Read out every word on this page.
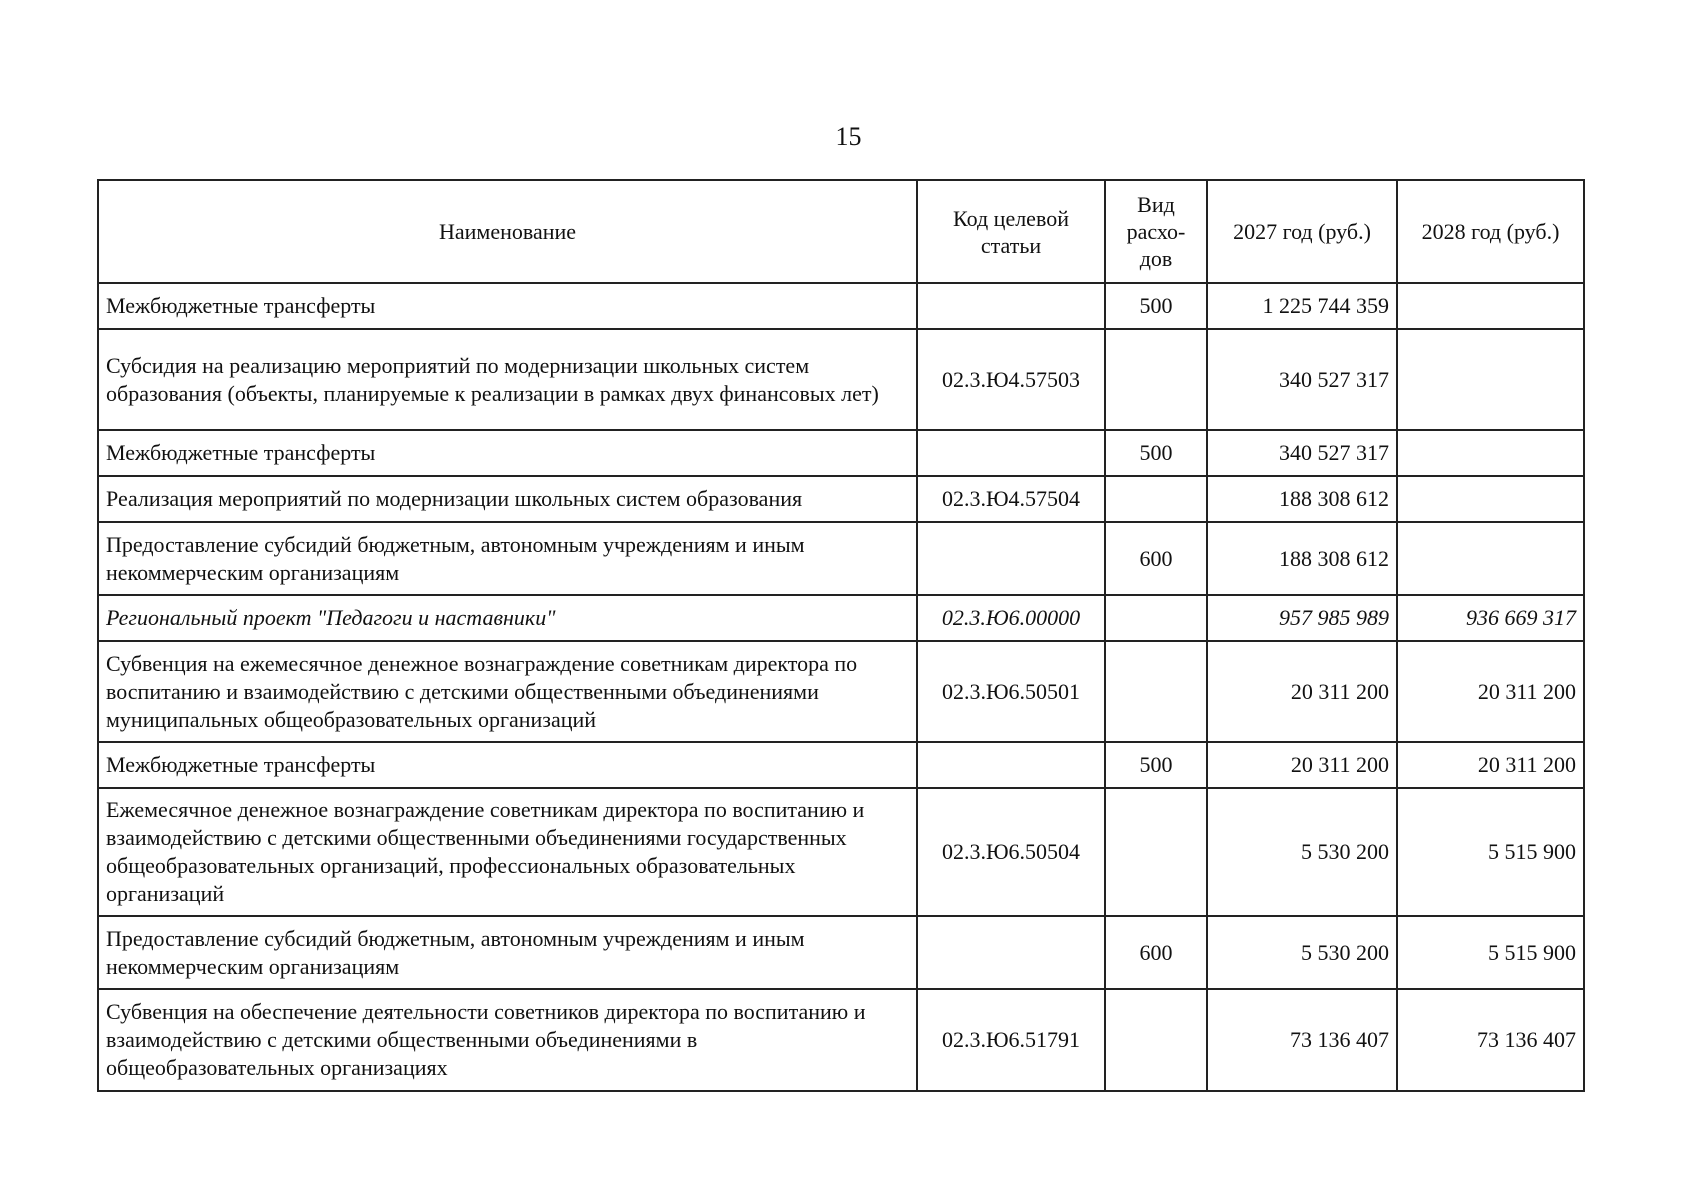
15
Наименование	Код целевой статьи	Вид расхо-дов	2027 год (руб.)	2028 год (руб.)
Межбюджетные трансферты		500	1 225 744 359	
Субсидия на реализацию мероприятий по модернизации школьных систем образования (объекты, планируемые к реализации в рамках двух финансовых лет)	02.3.Ю4.57503		340 527 317	
Межбюджетные трансферты		500	340 527 317	
Реализация мероприятий по модернизации школьных систем образования	02.3.Ю4.57504		188 308 612	
Предоставление субсидий бюджетным, автономным учреждениям и иным некоммерческим организациям		600	188 308 612	
Региональный проект "Педагоги и наставники"	02.3.Ю6.00000		957 985 989	936 669 317
Субвенция на ежемесячное денежное вознаграждение советникам директора по воспитанию и взаимодействию с детскими общественными объединениями муниципальных общеобразовательных организаций	02.3.Ю6.50501		20 311 200	20 311 200
Межбюджетные трансферты		500	20 311 200	20 311 200
Ежемесячное денежное вознаграждение советникам директора по воспитанию и взаимодействию с детскими общественными объединениями государственных общеобразовательных организаций, профессиональных образовательных организаций	02.3.Ю6.50504		5 530 200	5 515 900
Предоставление субсидий бюджетным, автономным учреждениям и иным некоммерческим организациям		600	5 530 200	5 515 900
Субвенция на обеспечение деятельности советников директора по воспитанию и взаимодействию с детскими общественными объединениями в общеобразовательных организациях	02.3.Ю6.51791		73 136 407	73 136 407
